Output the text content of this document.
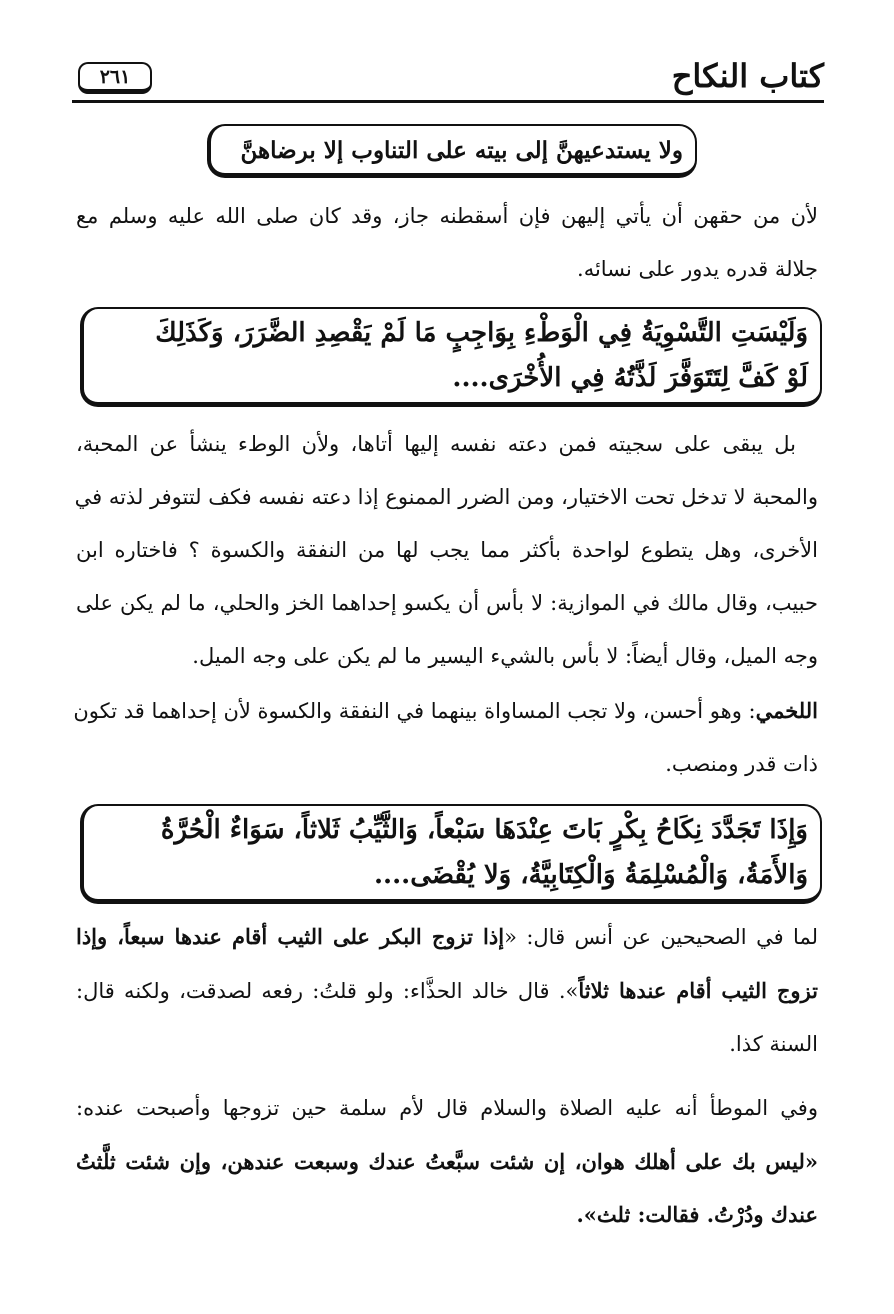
كتاب النكاح
٢٦١
ولا يستدعيهنَّ إلى بيته على التناوب إلا برضاهنَّ
لأن من حقهن أن يأتي إليهن فإن أسقطنه جاز، وقد كان صلى الله عليه وسلم مع
جلالة قدره يدور على نسائه.
وَلَيْسَتِ التَّسْوِيَةُ فِي الْوَطْءِ بِوَاجِبٍ مَا لَمْ يَقْصِدِ الضَّرَرَ، وَكَذَلِكَ
لَوْ كَفَّ لِتَتَوَفَّرَ لَذَّتُهُ فِي الأُخْرَى....
بل يبقى على سجيته فمن دعته نفسه إليها أتاها، ولأن الوطء ينشأ عن المحبة،
والمحبة لا تدخل تحت الاختيار، ومن الضرر الممنوع إذا دعته نفسه فكف لتتوفر لذته في
الأخرى، وهل يتطوع لواحدة بأكثر مما يجب لها من النفقة والكسوة ؟ فاختاره ابن
حبيب، وقال مالك في الموازية: لا بأس أن يكسو إحداهما الخز والحلي، ما لم يكن على
وجه الميل، وقال أيضاً: لا بأس بالشيء اليسير ما لم يكن على وجه الميل.
اللخمي: وهو أحسن، ولا تجب المساواة بينهما في النفقة والكسوة لأن إحداهما قد تكون
ذات قدر ومنصب.
وَإِذَا تَجَدَّدَ نِكَاحُ بِكْرٍ بَاتَ عِنْدَهَا سَبْعاً، وَالثَّيِّبُ ثَلاثاً، سَوَاءٌ الْحُرَّةُ
وَالأَمَةُ، وَالْمُسْلِمَةُ وَالْكِتَابِيَّةُ، وَلا يُقْضَى....
لما في الصحيحين عن أنس قال: «إذا تزوج البكر على الثيب أقام عندها سبعاً، وإذا
تزوج الثيب أقام عندها ثلاثاً». قال خالد الحذَّاء: ولو قلتُ: رفعه لصدقت، ولكنه قال:
السنة كذا.
وفي الموطأ أنه عليه الصلاة والسلام قال لأم سلمة حين تزوجها وأصبحت عنده:
«ليس بك على أهلك هوان، إن شئت سبَّعتُ عندك وسبعت عندهن، وإن شئت ثلَّثتُ
عندك ودُرْتُ. فقالت: ثلث».
